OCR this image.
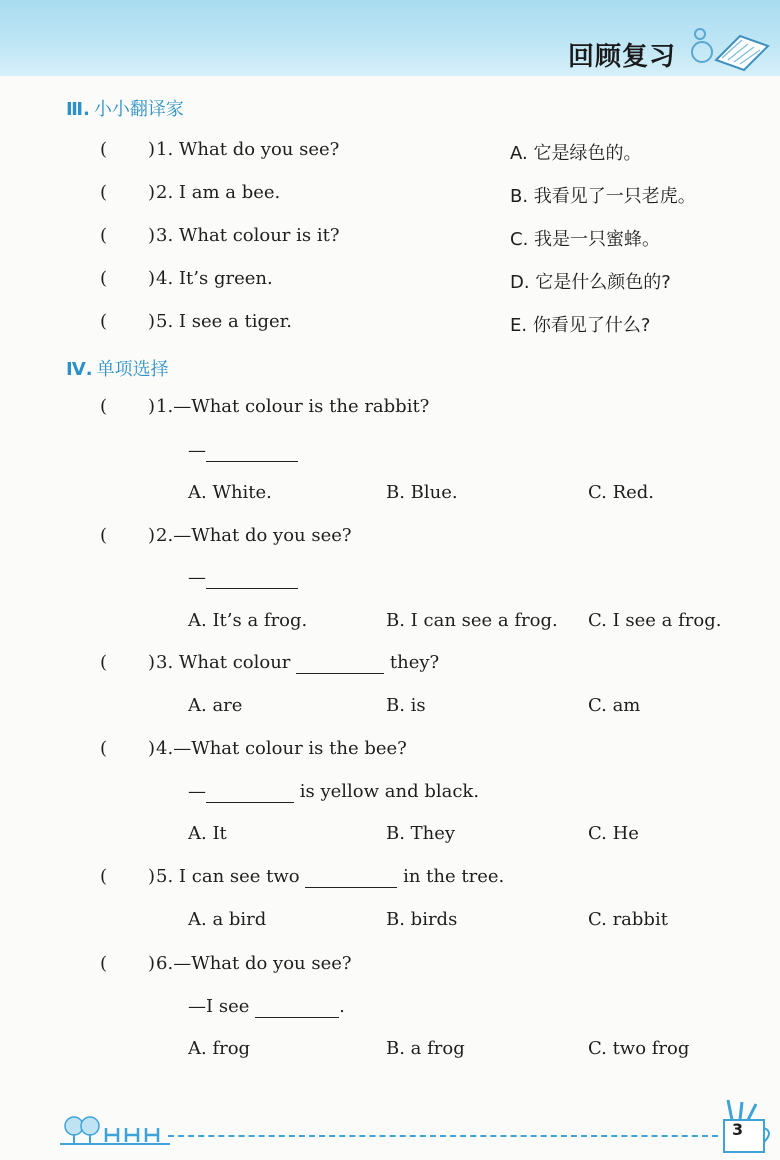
回顾复习
Ⅲ. 小小翻译家
( )1. What do you see?	A. 它是绿色的。
( )2. I am a bee.	B. 我看见了一只老虎。
( )3. What colour is it?	C. 我是一只蜜蜂。
( )4. It’s green.	D. 它是什么颜色的?
( )5. I see a tiger.	E. 你看见了什么?
Ⅳ. 单项选择
( )1.—What colour is the rabbit?
—
A. White.	B. Blue.	C. Red.
( )2.—What do you see?
—
A. It’s a frog.	B. I can see a frog. C. I see a frog.
( )3. What colour	they?
A. are	B. is	C. am
( )4.—What colour is the bee?
—	is yellow and black.
A. It	B. They	C. He
( )5. I can see two	in the tree.
A. a bird	B. birds	C. rabbit
( )6.—What do you see?
—I see	.
A. frog	B. a frog	C. two frog
3
